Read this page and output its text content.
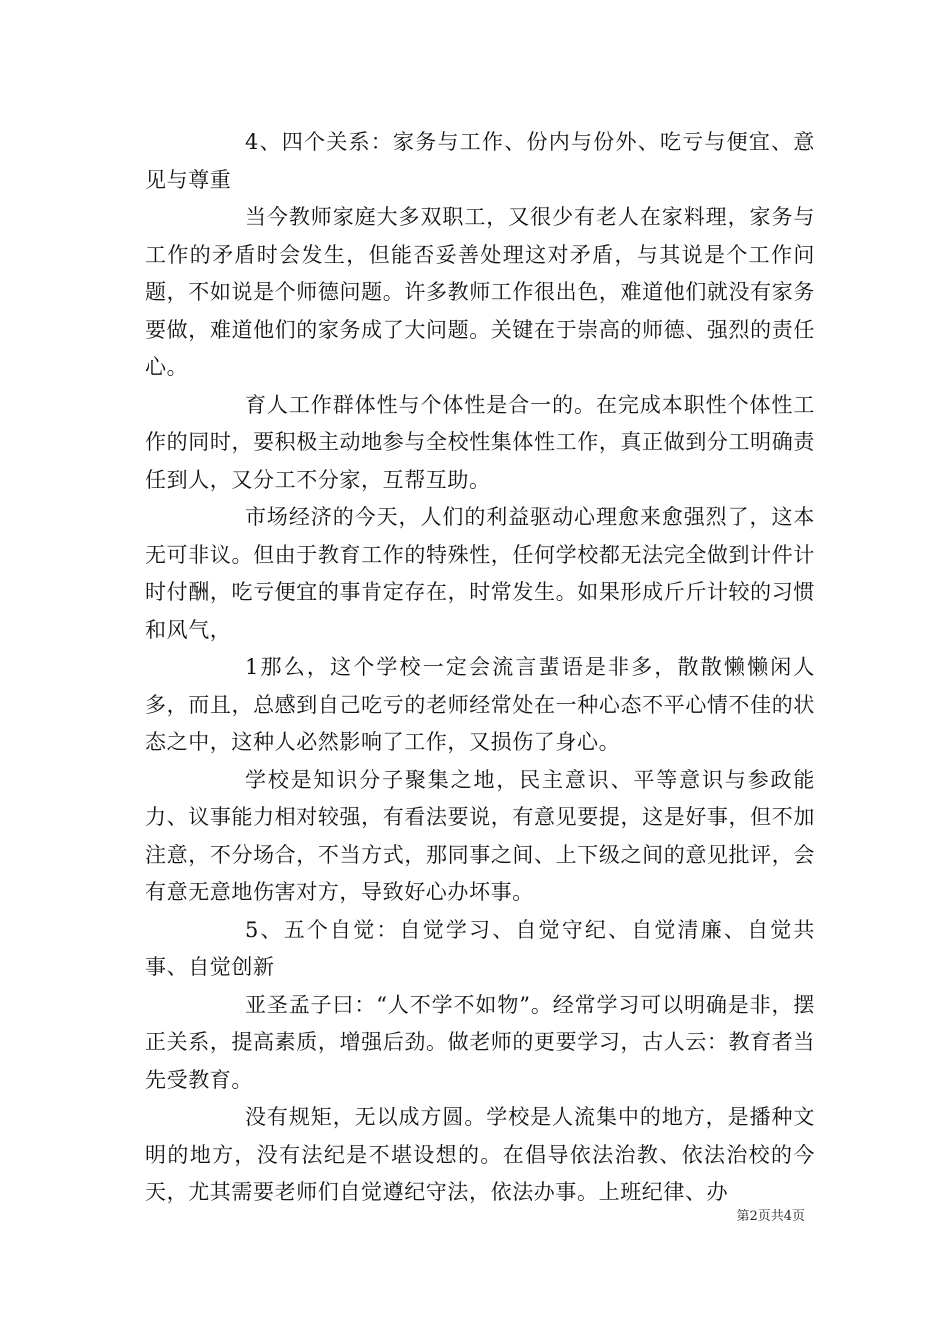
4、四个关系：家务与工作、份内与份外、吃亏与便宜、意见与尊重

当今教师家庭大多双职工，又很少有老人在家料理，家务与工作的矛盾时会发生，但能否妥善处理这对矛盾，与其说是个工作问题，不如说是个师德问题。许多教师工作很出色，难道他们就没有家务要做，难道他们的家务成了大问题。关键在于崇高的师德、强烈的责任心。

育人工作群体性与个体性是合一的。在完成本职性个体性工作的同时，要积极主动地参与全校性集体性工作，真正做到分工明确责任到人，又分工不分家，互帮互助。

市场经济的今天，人们的利益驱动心理愈来愈强烈了，这本无可非议。但由于教育工作的特殊性，任何学校都无法完全做到计件计时付酬，吃亏便宜的事肯定存在，时常发生。如果形成斤斤计较的习惯和风气，

1那么，这个学校一定会流言蜚语是非多，散散懒懒闲人多，而且，总感到自己吃亏的老师经常处在一种心态不平心情不佳的状态之中，这种人必然影响了工作，又损伤了身心。

学校是知识分子聚集之地，民主意识、平等意识与参政能力、议事能力相对较强，有看法要说，有意见要提，这是好事，但不加注意，不分场合，不当方式，那同事之间、上下级之间的意见批评，会有意无意地伤害对方，导致好心办坏事。

5、五个自觉：自觉学习、自觉守纪、自觉清廉、自觉共事、自觉创新

亚圣孟子曰：“人不学不如物”。经常学习可以明确是非，摆正关系，提高素质，增强后劲。做老师的更要学习，古人云：教育者当先受教育。

没有规矩，无以成方圆。学校是人流集中的地方，是播种文明的地方，没有法纪是不堪设想的。在倡导依法治教、依法治校的今天，尤其需要老师们自觉遵纪守法，依法办事。上班纪律、办

第2页共4页
